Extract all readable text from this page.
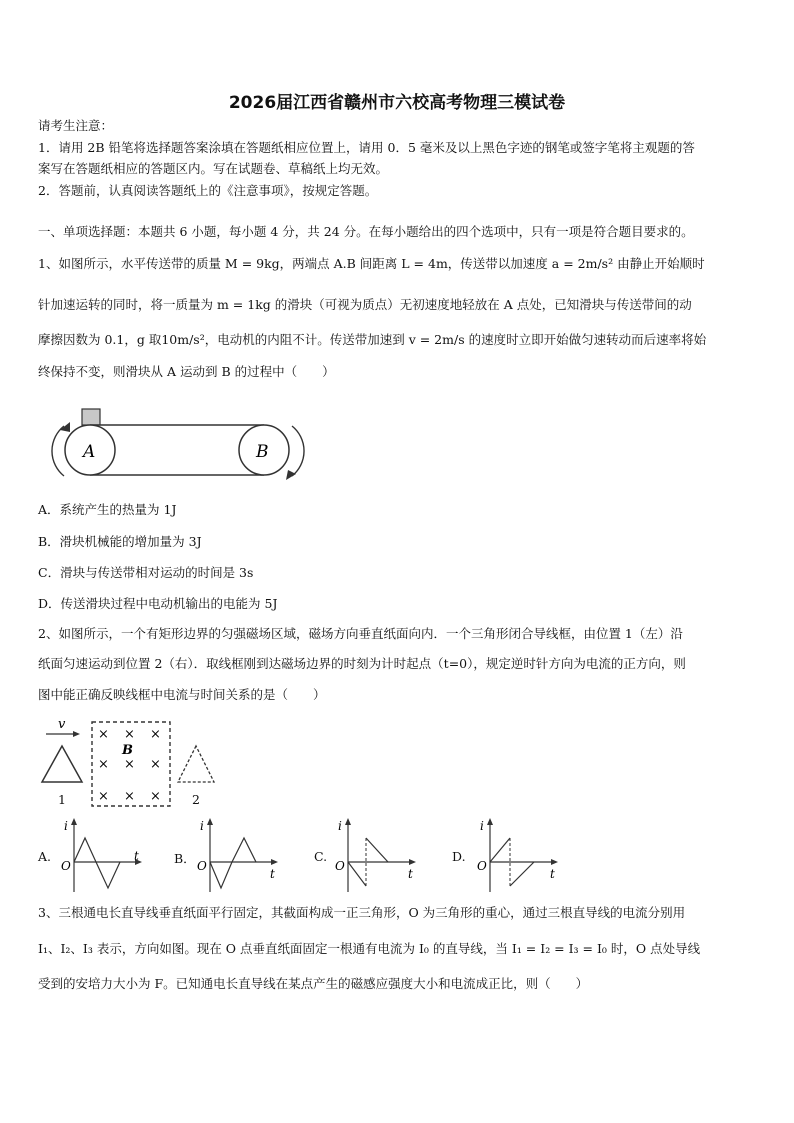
2026届江西省赣州市六校高考物理三模试卷
请考生注意：
1．请用 2B 铅笔将选择题答案涂填在答题纸相应位置上，请用 0．5 毫米及以上黑色字迹的钢笔或签字笔将主观题的答
案写在答题纸相应的答题区内。写在试题卷、草稿纸上均无效。
2．答题前，认真阅读答题纸上的《注意事项》，按规定答题。
一、单项选择题：本题共 6 小题，每小题 4 分，共 24 分。在每小题给出的四个选项中，只有一项是符合题目要求的。
1、如图所示，水平传送带的质量 M = 9kg，两端点 A.B 间距离 L = 4m，传送带以加速度 a = 2m/s² 由静止开始顺时
针加速运转的同时，将一质量为 m = 1kg 的滑块（可视为质点）无初速度地轻放在 A 点处，已知滑块与传送带间的动
摩擦因数为 0.1，g 取10m/s²，电动机的内阻不计。传送带加速到 v = 2m/s 的速度时立即开始做匀速转动而后速率将始
终保持不变，则滑块从 A 运动到 B 的过程中（　　）
A	B
A．系统产生的热量为 1J
B．滑块机械能的增加量为 3J
C．滑块与传送带相对运动的时间是 3s
D．传送滑块过程中电动机输出的电能为 5J
2、如图所示，一个有矩形边界的匀强磁场区域，磁场方向垂直纸面向内．一个三角形闭合导线框，由位置 1（左）沿
纸面匀速运动到位置 2（右）．取线框刚到达磁场边界的时刻为计时起点（t=0），规定逆时针方向为电流的正方向，则
图中能正确反映线框中电流与时间关系的是（　　）
v
B
× × ×
× × ×
× × ×
1	2
A.
i
t
O	B．
i
t
O
C.
i
t
O
D.
i
t
O
3、三根通电长直导线垂直纸面平行固定，其截面构成一正三角形，O 为三角形的重心，通过三根直导线的电流分别用
I₁、I₂、I₃ 表示，方向如图。现在 O 点垂直纸面固定一根通有电流为 I₀ 的直导线，当 I₁ = I₂ = I₃ = I₀ 时，O 点处导线
受到的安培力大小为 F。已知通电长直导线在某点产生的磁感应强度大小和电流成正比，则（　　）
